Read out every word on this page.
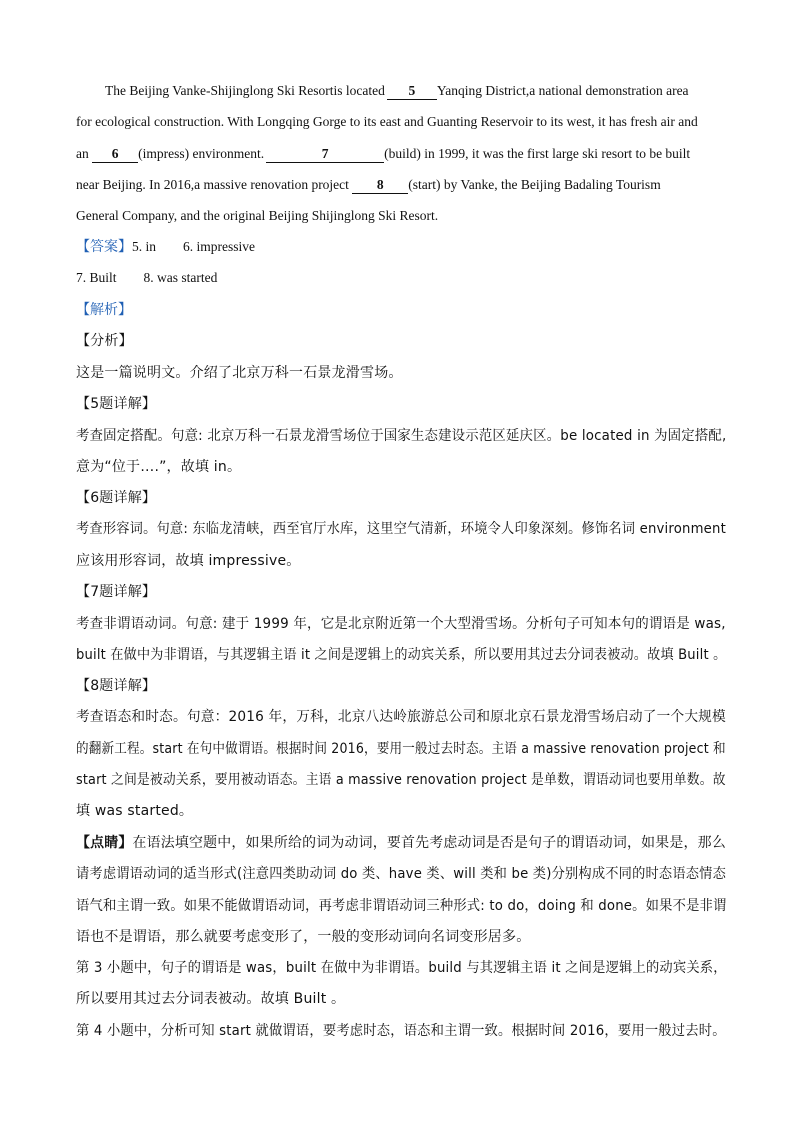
The Beijing Vanke-Shijinglong Ski Resortis located 5 Yanqing District,a national demonstration area
for ecological construction. With Longqing Gorge to its east and Guanting Reservoir to its west, it has fresh air and
an 6 (impress) environment.	7	(build) in 1999, it was the first large ski resort to be built
near Beijing. In 2016,a massive renovation project 8 (start) by Vanke, the Beijing Badaling Tourism
General Company, and the original Beijing Shijinglong Ski Resort.
【答案】5. in        6. impressive
7. Built        8. was started
【解析】
【分析】
这是一篇说明文。介绍了北京万科一石景龙滑雪场。
【5题详解】
考查固定搭配。句意: 北京万科一石景龙滑雪场位于国家生态建设示范区延庆区。be located in 为固定搭配,
意为“位于….”，故填 in。
【6题详解】
考查形容词。句意: 东临龙清峡，西至官厅水库，这里空气清新，环境令人印象深刻。修饰名词 environment
应该用形容词，故填 impressive。
【7题详解】
考查非谓语动词。句意: 建于 1999 年，它是北京附近第一个大型滑雪场。分析句子可知本句的谓语是 was,
built 在做中为非谓语，与其逻辑主语 it 之间是逻辑上的动宾关系，所以要用其过去分词表被动。故填 Built 。
【8题详解】
考查语态和时态。句意：2016 年，万科，北京八达岭旅游总公司和原北京石景龙滑雪场启动了一个大规模
的翻新工程。start 在句中做谓语。根据时间 2016，要用一般过去时态。主语 a massive renovation project 和
start 之间是被动关系，要用被动语态。主语 a massive renovation project 是单数，谓语动词也要用单数。故
填 was started。
【点睛】在语法填空题中，如果所给的词为动词，要首先考虑动词是否是句子的谓语动词，如果是，那么
请考虑谓语动词的适当形式(注意四类助动词 do 类、have 类、will 类和 be 类)分别构成不同的时态语态情态
语气和主谓一致。如果不能做谓语动词，再考虑非谓语动词三种形式: to do，doing 和 done。如果不是非谓
语也不是谓语，那么就要考虑变形了，一般的变形动词向名词变形居多。
第 3 小题中，句子的谓语是 was，built 在做中为非谓语。build 与其逻辑主语 it 之间是逻辑上的动宾关系，
所以要用其过去分词表被动。故填 Built 。
第 4 小题中，分析可知 start 就做谓语，要考虑时态，语态和主谓一致。根据时间 2016，要用一般过去时。
